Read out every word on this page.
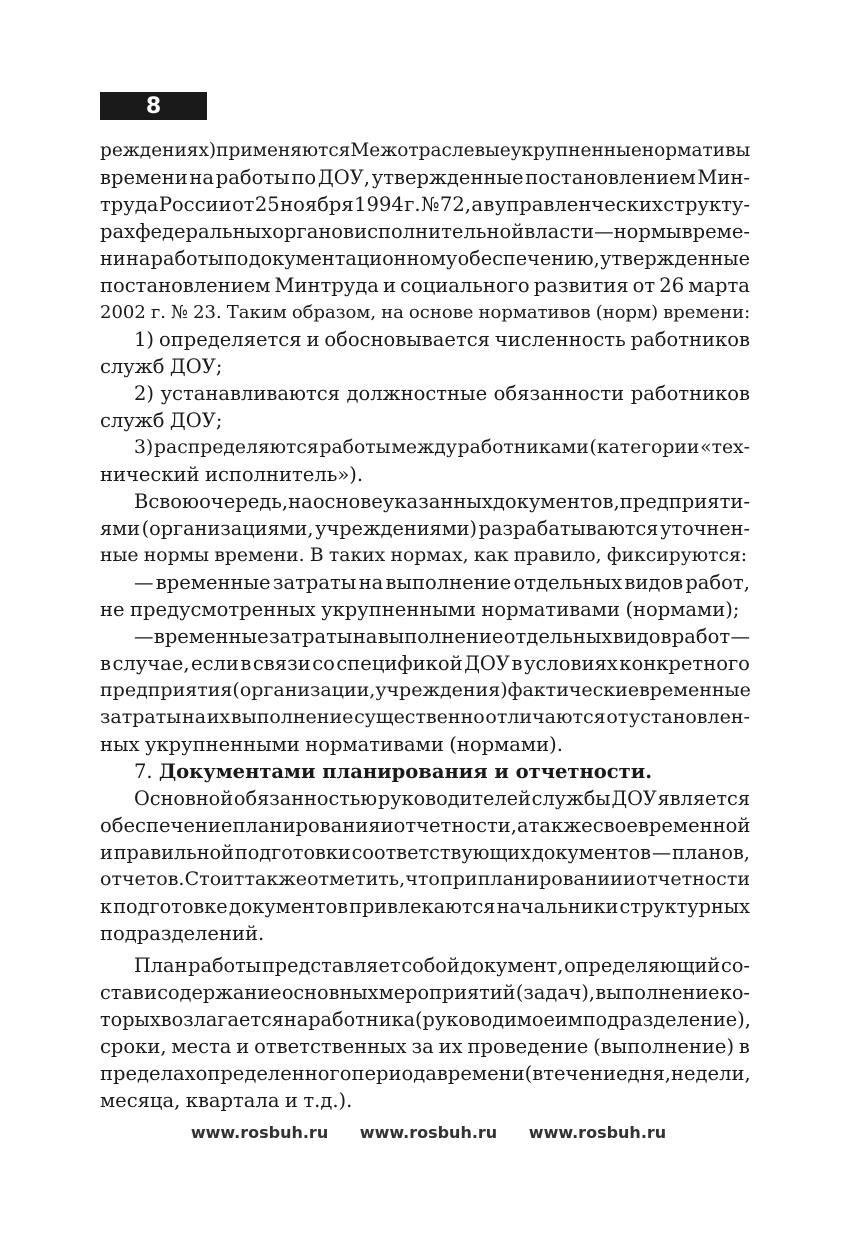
8
реждениях) применяются Межотраслевые укрупненные нормативы
времени на работы по ДОУ, утвержденные постановлением Мин-
труда России от 25 ноября 1994 г. № 72, а в управленческих структу-
рах федеральных органов исполнительной власти — нормы време-
ни на работы по документационному обеспечению, утвержденные
постановлением Минтруда и социального развития от 26 марта
2002 г. № 23. Таким образом, на основе нормативов (норм) времени:
1) определяется и обосновывается численность работников
служб ДОУ;
2) устанавливаются должностные обязанности работников
служб ДОУ;
3) распределяются работы между работниками (категории «тех-
нический исполнитель»).
В свою очередь, на основе указанных документов, предприяти-
ями (организациями, учреждениями) разрабатываются уточнен-
ные нормы времени. В таких нормах, как правило, фиксируются:
— временные затраты на выполнение отдельных видов работ,
не предусмотренных укрупненными нормативами (нормами);
— временные затраты на выполнение отдельных видов работ —
в случае, если в связи со спецификой ДОУ в условиях конкретного
предприятия (организации, учреждения) фактические временные
затраты на их выполнение существенно отличаются от установлен-
ных укрупненными нормативами (нормами).
7.
Документами планирования и отчетности.
Основной обязанностью руководителей службы ДОУ является
обеспечение планирования и отчетности, а также своевременной
и правильной подготовки соответствующих документов — планов,
отчетов. Стоит также отметить, что при планировании и отчетности
к подготовке документов привлекаются начальники структурных
подразделений.
План работы представляет собой документ, определяющий со-
став и содержание основных мероприятий (задач), выполнение ко-
торых возлагается на работника (руководимое им подразделение),
сроки, места и ответственных за их проведение (выполнение) в
пределах определенного периода времени (в течение дня, недели,
месяца, квартала и т.д.).
www.rosbuh.ru www.rosbuh.ru www.rosbuh.ru
